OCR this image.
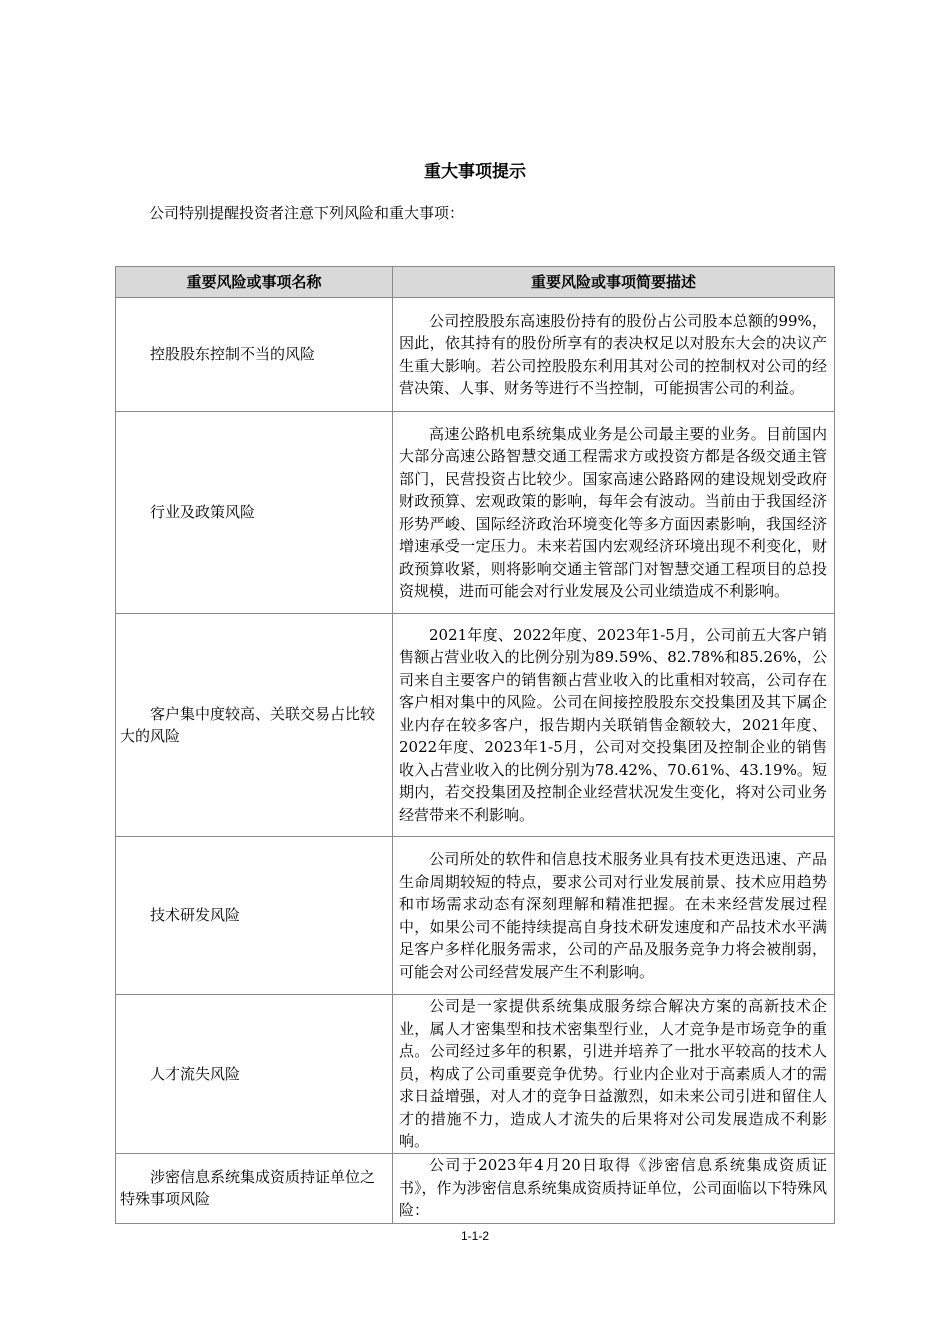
重大事项提示

公司特别提醒投资者注意下列风险和重大事项：

重要风险或事项名称	重要风险或事项简要描述
控股股东控制不当的风险	公司控股股东高速股份持有的股份占公司股本总额的99%，因此，依其持有的股份所享有的表决权足以对股东大会的决议产生重大影响。若公司控股股东利用其对公司的控制权对公司的经营决策、人事、财务等进行不当控制，可能损害公司的利益。
行业及政策风险	高速公路机电系统集成业务是公司最主要的业务。目前国内大部分高速公路智慧交通工程需求方或投资方都是各级交通主管部门，民营投资占比较少。国家高速公路路网的建设规划受政府财政预算、宏观政策的影响，每年会有波动。当前由于我国经济形势严峻、国际经济政治环境变化等多方面因素影响，我国经济增速承受一定压力。未来若国内宏观经济环境出现不利变化，财政预算收紧，则将影响交通主管部门对智慧交通工程项目的总投资规模，进而可能会对行业发展及公司业绩造成不利影响。
客户集中度较高、关联交易占比较大的风险	2021年度、2022年度、2023年1-5月，公司前五大客户销售额占营业收入的比例分别为89.59%、82.78%和85.26%，公司来自主要客户的销售额占营业收入的比重相对较高，公司存在客户相对集中的风险。公司在间接控股股东交投集团及其下属企业内存在较多客户，报告期内关联销售金额较大，2021年度、2022年度、2023年1-5月，公司对交投集团及控制企业的销售收入占营业收入的比例分别为78.42%、70.61%、43.19%。短期内，若交投集团及控制企业经营状况发生变化，将对公司业务经营带来不利影响。
技术研发风险	公司所处的软件和信息技术服务业具有技术更迭迅速、产品生命周期较短的特点，要求公司对行业发展前景、技术应用趋势和市场需求动态有深刻理解和精准把握。在未来经营发展过程中，如果公司不能持续提高自身技术研发速度和产品技术水平满足客户多样化服务需求，公司的产品及服务竞争力将会被削弱，可能会对公司经营发展产生不利影响。
人才流失风险	公司是一家提供系统集成服务综合解决方案的高新技术企业，属人才密集型和技术密集型行业，人才竞争是市场竞争的重点。公司经过多年的积累，引进并培养了一批水平较高的技术人员，构成了公司重要竞争优势。行业内企业对于高素质人才的需求日益增强，对人才的竞争日益激烈，如未来公司引进和留住人才的措施不力，造成人才流失的后果将对公司发展造成不利影响。
涉密信息系统集成资质持证单位之特殊事项风险	公司于2023年4月20日取得《涉密信息系统集成资质证书》，作为涉密信息系统集成资质持证单位，公司面临以下特殊风险：

1-1-2
